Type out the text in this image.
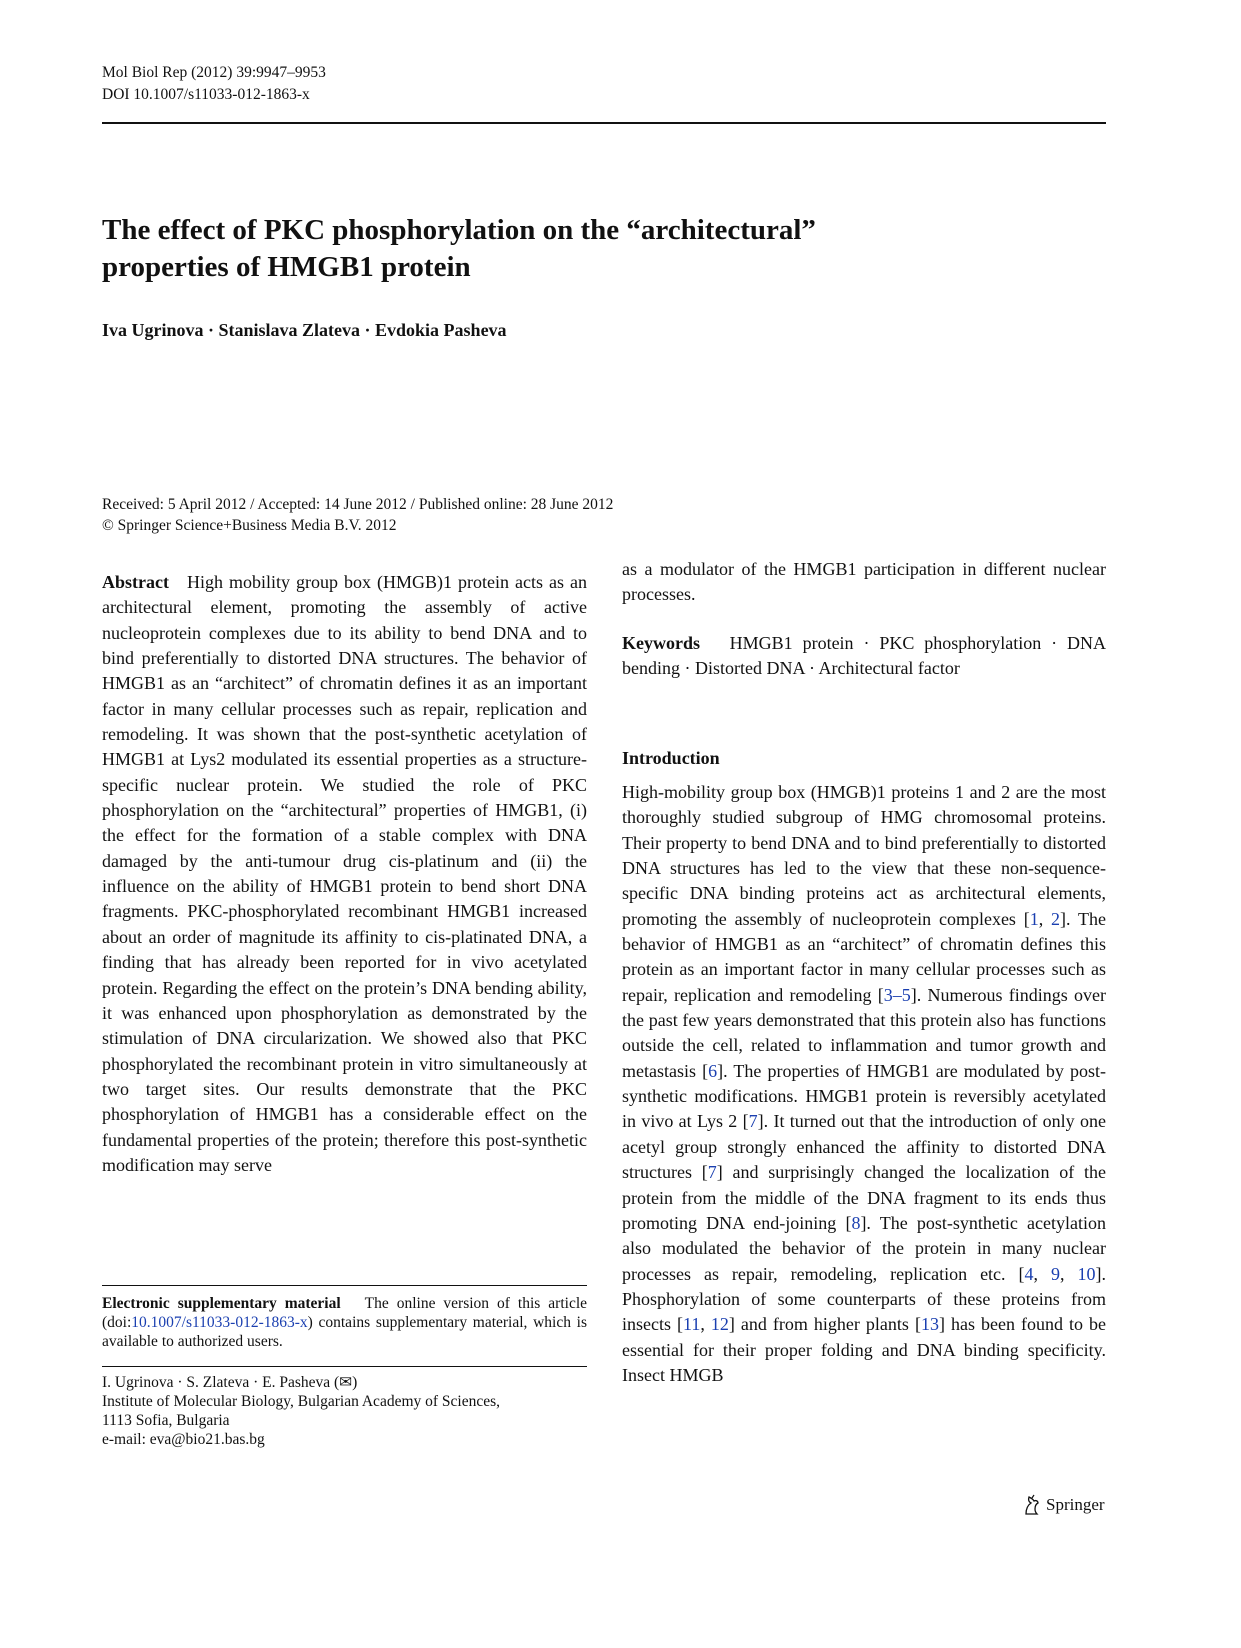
Mol Biol Rep (2012) 39:9947–9953
DOI 10.1007/s11033-012-1863-x
The effect of PKC phosphorylation on the “architectural”
properties of HMGB1 protein
Iva Ugrinova · Stanislava Zlateva · Evdokia Pasheva
Received: 5 April 2012 / Accepted: 14 June 2012 / Published online: 28 June 2012
© Springer Science+Business Media B.V. 2012
Abstract High mobility group box (HMGB)1 protein acts as an architectural element, promoting the assembly of active nucleoprotein complexes due to its ability to bend DNA and to bind preferentially to distorted DNA structures. The behavior of HMGB1 as an “architect” of chromatin defines it as an important factor in many cellular processes such as repair, replication and remodeling. It was shown that the post-synthetic acetylation of HMGB1 at Lys2 modulated its essential properties as a structure-specific nuclear protein. We studied the role of PKC phosphorylation on the “architectural” properties of HMGB1, (i) the effect for the formation of a stable complex with DNA damaged by the anti-tumour drug cis-platinum and (ii) the influence on the ability of HMGB1 protein to bend short DNA fragments. PKC-phosphorylated recombinant HMGB1 increased about an order of magnitude its affinity to cis-platinated DNA, a finding that has already been reported for in vivo acetylated protein. Regarding the effect on the protein’s DNA bending ability, it was enhanced upon phosphorylation as demonstrated by the stimulation of DNA circularization. We showed also that PKC phosphorylated the recombinant protein in vitro simultaneously at two target sites. Our results demonstrate that the PKC phosphorylation of HMGB1 has a considerable effect on the fundamental properties of the protein; therefore this post-synthetic modification may serve
as a modulator of the HMGB1 participation in different nuclear processes.
Keywords HMGB1 protein · PKC phosphorylation · DNA bending · Distorted DNA · Architectural factor
Introduction
High-mobility group box (HMGB)1 proteins 1 and 2 are the most thoroughly studied subgroup of HMG chromosomal proteins. Their property to bend DNA and to bind preferentially to distorted DNA structures has led to the view that these non-sequence-specific DNA binding proteins act as architectural elements, promoting the assembly of nucleoprotein complexes [1, 2]. The behavior of HMGB1 as an “architect” of chromatin defines this protein as an important factor in many cellular processes such as repair, replication and remodeling [3–5]. Numerous findings over the past few years demonstrated that this protein also has functions outside the cell, related to inflammation and tumor growth and metastasis [6]. The properties of HMGB1 are modulated by post-synthetic modifications. HMGB1 protein is reversibly acetylated in vivo at Lys 2 [7]. It turned out that the introduction of only one acetyl group strongly enhanced the affinity to distorted DNA structures [7] and surprisingly changed the localization of the protein from the middle of the DNA fragment to its ends thus promoting DNA end-joining [8]. The post-synthetic acetylation also modulated the behavior of the protein in many nuclear processes as repair, remodeling, replication etc. [4, 9, 10]. Phosphorylation of some counterparts of these proteins from insects [11, 12] and from higher plants [13] has been found to be essential for their proper folding and DNA binding specificity. Insect HMGB
Electronic supplementary material The online version of this article (doi:10.1007/s11033-012-1863-x) contains supplementary material, which is available to authorized users.
I. Ugrinova · S. Zlateva · E. Pasheva (✉)
Institute of Molecular Biology, Bulgarian Academy of Sciences,
1113 Sofia, Bulgaria
e-mail: eva@bio21.bas.bg
Springer
